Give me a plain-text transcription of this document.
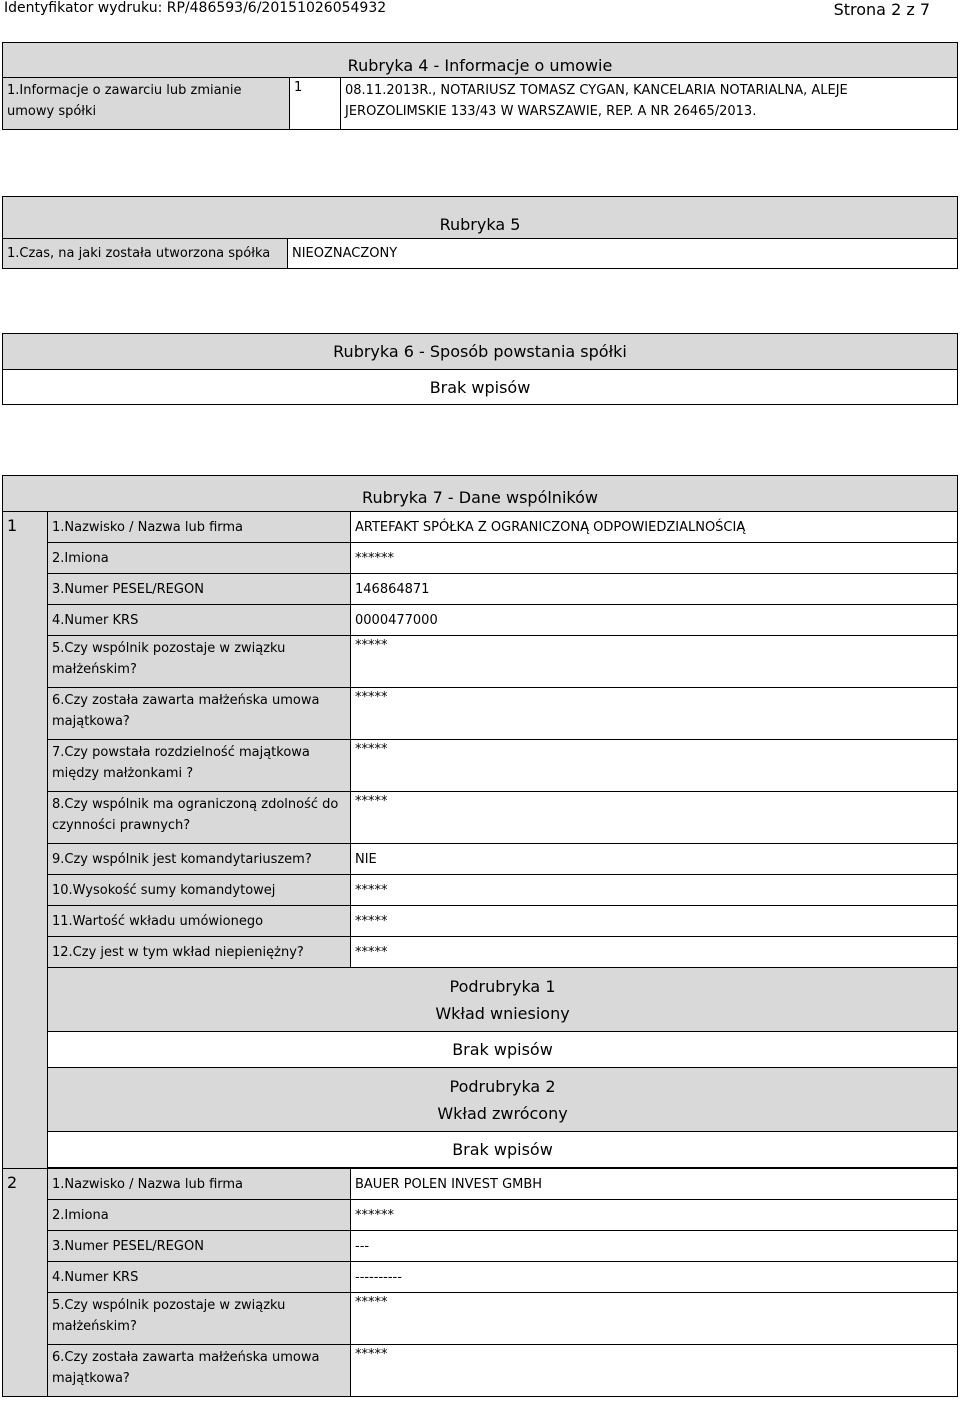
Identyfikator wydruku: RP/486593/6/20151026054932	Strona 2 z 7
Rubryka 4 - Informacje o umowie
1.Informacje o zawarciu lub zmianie umowy spółki	1	08.11.2013R., NOTARIUSZ TOMASZ CYGAN, KANCELARIA NOTARIALNA, ALEJE JEROZOLIMSKIE 133/43 W WARSZAWIE, REP. A NR 26465/2013.
Rubryka 5
1.Czas, na jaki została utworzona spółka	NIEOZNACZONY
Rubryka 6 - Sposób powstania spółki
Brak wpisów
Rubryka 7 - Dane wspólników		
1	1.Nazwisko / Nazwa lub firma	ARTEFAKT SPÓŁKA Z OGRANICZONĄ ODPOWIEDZIALNOŚCIĄ
	2.Imiona	******
	3.Numer PESEL/REGON	146864871
	4.Numer KRS	0000477000
	5.Czy wspólnik pozostaje w związku małżeńskim?	*****
	6.Czy została zawarta małżeńska umowa majątkowa?	*****
	7.Czy powstała rozdzielność majątkowa między małżonkami ?	*****
	8.Czy wspólnik ma ograniczoną zdolność do czynności prawnych?	*****
	9.Czy wspólnik jest komandytariuszem?	NIE
	10.Wysokość sumy komandytowej	*****
	11.Wartość wkładu umówionego	*****
	12.Czy jest w tym wkład niepieniężny?	*****

	Podrubryka 1
Wkład wniesiony	

	Brak wpisów	

	Podrubryka 2
Wkład zwrócony	

	Brak wpisów	

2	1.Nazwisko / Nazwa lub firma	BAUER POLEN INVEST GMBH
	2.Imiona	******
	3.Numer PESEL/REGON	---
	4.Numer KRS	----------
	5.Czy wspólnik pozostaje w związku małżeńskim?	*****
	6.Czy została zawarta małżeńska umowa majątkowa?	*****
